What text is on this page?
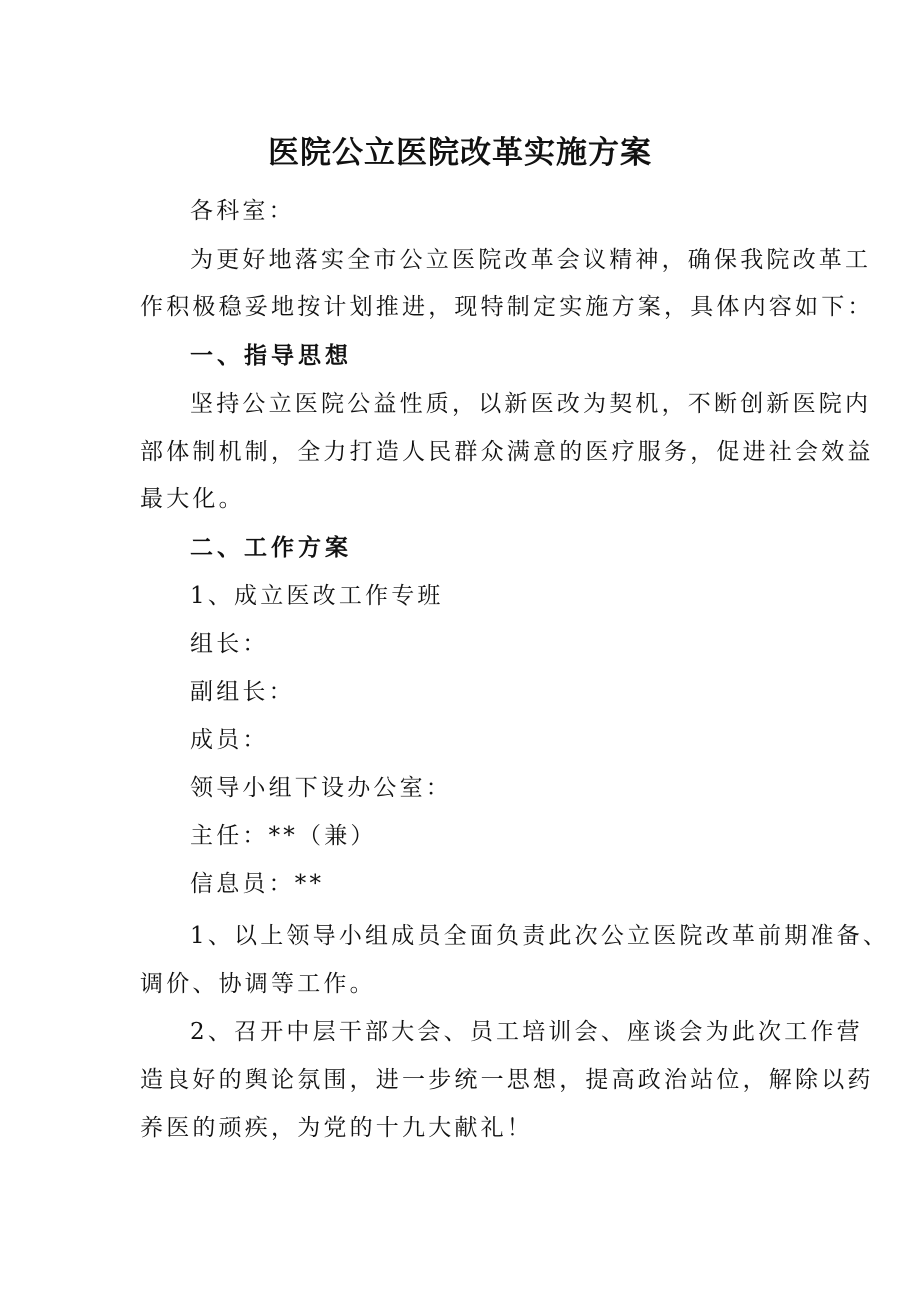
医院公立医院改革实施方案
各科室：
为更好地落实全市公立医院改革会议精神，确保我院改革工
作积极稳妥地按计划推进，现特制定实施方案，具体内容如下：
一、指导思想
坚持公立医院公益性质，以新医改为契机，不断创新医院内
部体制机制，全力打造人民群众满意的医疗服务，促进社会效益
最大化。
二、工作方案
1、成立医改工作专班
组长：
副组长：
成员：
领导小组下设办公室：
主任：**（兼）
信息员：**
1、以上领导小组成员全面负责此次公立医院改革前期准备、
调价、协调等工作。
2、召开中层干部大会、员工培训会、座谈会为此次工作营
造良好的舆论氛围，进一步统一思想，提高政治站位，解除以药
养医的顽疾，为党的十九大献礼！
